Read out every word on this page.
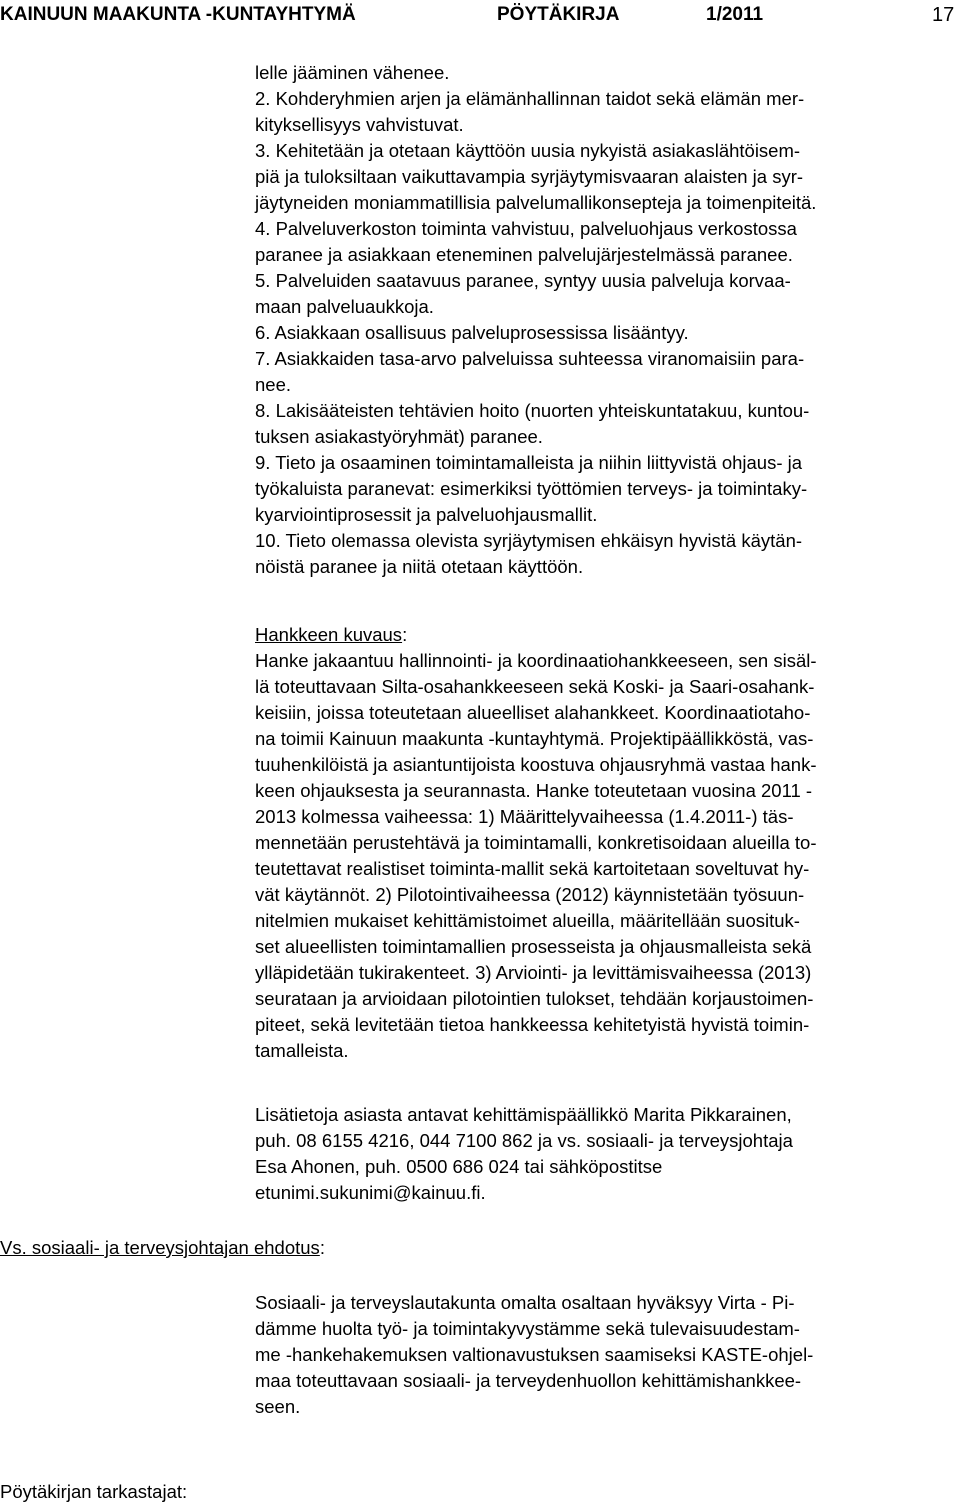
KAINUUN MAAKUNTA -KUNTAYHTYMÄ	PÖYTÄKIRJA	1/2011	17
lelle jääminen vähenee.
2. Kohderyhmien arjen ja elämänhallinnan taidot sekä elämän mer-
kityksellisyys vahvistuvat.
3. Kehitetään ja otetaan käyttöön uusia nykyistä asiakaslähtöisem-
piä ja tuloksiltaan vaikuttavampia syrjäytymisvaaran alaisten ja syr-
jäytyneiden moniammatillisia palvelumallikonsepteja ja toimenpiteitä.
4. Palveluverkoston toiminta vahvistuu, palveluohjaus verkostossa
paranee ja asiakkaan eteneminen palvelujärjestelmässä paranee.
5. Palveluiden saatavuus paranee, syntyy uusia palveluja korvaa-
maan palveluaukkoja.
6. Asiakkaan osallisuus palveluprosessissa lisääntyy.
7. Asiakkaiden tasa-arvo palveluissa suhteessa viranomaisiin para-
nee.
8. Lakisääteisten tehtävien hoito (nuorten yhteiskuntatakuu, kuntou-
tuksen asiakastyöryhmät) paranee.
9. Tieto ja osaaminen toimintamalleista ja niihin liittyvistä ohjaus- ja
työkaluista paranevat: esimerkiksi työttömien terveys- ja toimintaky-
kyarviointiprosessit ja palveluohjausmallit.
10. Tieto olemassa olevista syrjäytymisen ehkäisyn hyvistä käytän-
nöistä paranee ja niitä otetaan käyttöön.
Hankkeen kuvaus:
Hanke jakaantuu hallinnointi- ja koordinaatiohankkeeseen, sen sisäl-
lä toteuttavaan Silta-osahankkeeseen sekä Koski- ja Saari-osahank-
keisiin, joissa toteutetaan alueelliset alahankkeet. Koordinaatiotaho-
na toimii Kainuun maakunta -kuntayhtymä. Projektipäällikköstä, vas-
tuuhenkilöistä ja asiantuntijoista koostuva ohjausryhmä vastaa hank-
keen ohjauksesta ja seurannasta. Hanke toteutetaan vuosina 2011 -
2013 kolmessa vaiheessa: 1) Määrittelyvaiheessa (1.4.2011-) täs-
mennetään perustehtävä ja toimintamalli, konkretisoidaan alueilla to-
teutettavat realistiset toiminta-mallit sekä kartoitetaan soveltuvat hy-
vät käytännöt. 2) Pilotointivaiheessa (2012) käynnistetään työsuun-
nitelmien mukaiset kehittämistoimet alueilla, määritellään suosituk-
set alueellisten toimintamallien prosesseista ja ohjausmalleista sekä
ylläpidetään tukirakenteet. 3) Arviointi- ja levittämisvaiheessa (2013)
seurataan ja arvioidaan pilotointien tulokset, tehdään korjaustoimen-
piteet, sekä levitetään tietoa hankkeessa kehitetyistä hyvistä toimin-
tamalleista.
Lisätietoja asiasta antavat kehittämispäällikkö Marita Pikkarainen,
puh. 08 6155 4216, 044 7100 862 ja vs. sosiaali- ja terveysjohtaja
Esa Ahonen, puh. 0500 686 024 tai sähköpostitse
etunimi.sukunimi@kainuu.fi.
Vs. sosiaali- ja terveysjohtajan ehdotus:
Sosiaali- ja terveyslautakunta omalta osaltaan hyväksyy Virta - Pi-
dämme huolta työ- ja toimintakyvystämme sekä tulevaisuudestam-
me -hankehakemuksen valtionavustuksen saamiseksi KASTE-ohjel-
maa toteuttavaan sosiaali- ja terveydenhuollon kehittämishankkee-
seen.
Pöytäkirjan tarkastajat:
